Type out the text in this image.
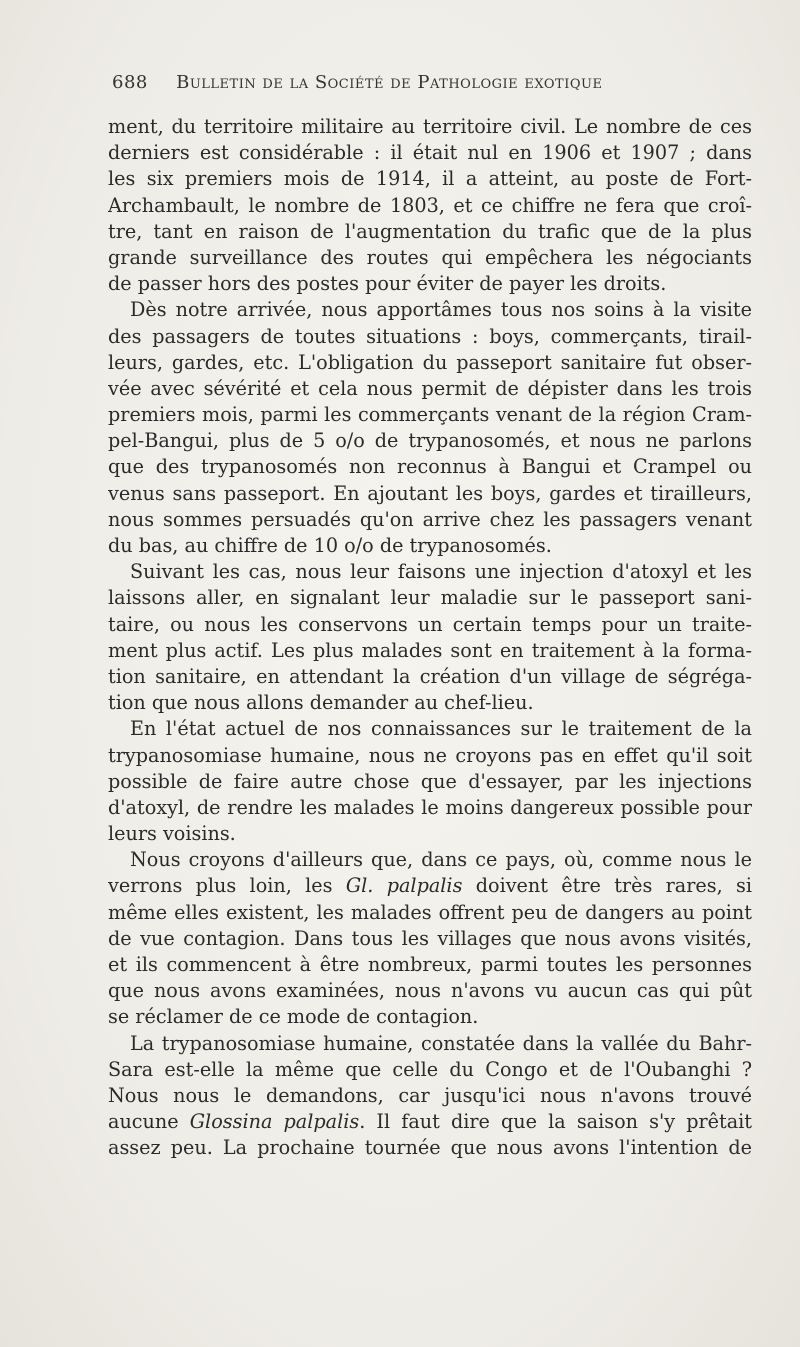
688 Bulletin de la Société de Pathologie exotique
ment, du territoire militaire au territoire civil. Le nombre de ces
derniers est considérable : il était nul en 1906 et 1907 ; dans
les six premiers mois de 1914, il a atteint, au poste de Fort-
Archambault, le nombre de 1803, et ce chiffre ne fera que croî-
tre, tant en raison de l'augmentation du trafic que de la plus
grande surveillance des routes qui empêchera les négociants
de passer hors des postes pour éviter de payer les droits.
Dès notre arrivée, nous apportâmes tous nos soins à la visite
des passagers de toutes situations : boys, commerçants, tirail-
leurs, gardes, etc. L'obligation du passeport sanitaire fut obser-
vée avec sévérité et cela nous permit de dépister dans les trois
premiers mois, parmi les commerçants venant de la région Cram-
pel-Bangui, plus de 5 o/o de trypanosomés, et nous ne parlons
que des trypanosomés non reconnus à Bangui et Crampel ou
venus sans passeport. En ajoutant les boys, gardes et tirailleurs,
nous sommes persuadés qu'on arrive chez les passagers venant
du bas, au chiffre de 10 o/o de trypanosomés.
Suivant les cas, nous leur faisons une injection d'atoxyl et les
laissons aller, en signalant leur maladie sur le passeport sani-
taire, ou nous les conservons un certain temps pour un traite-
ment plus actif. Les plus malades sont en traitement à la forma-
tion sanitaire, en attendant la création d'un village de ségréga-
tion que nous allons demander au chef-lieu.
En l'état actuel de nos connaissances sur le traitement de la
trypanosomiase humaine, nous ne croyons pas en effet qu'il soit
possible de faire autre chose que d'essayer, par les injections
d'atoxyl, de rendre les malades le moins dangereux possible pour
leurs voisins.
Nous croyons d'ailleurs que, dans ce pays, où, comme nous le
verrons plus loin, les Gl. palpalis doivent être très rares, si
même elles existent, les malades offrent peu de dangers au point
de vue contagion. Dans tous les villages que nous avons visités,
et ils commencent à être nombreux, parmi toutes les personnes
que nous avons examinées, nous n'avons vu aucun cas qui pût
se réclamer de ce mode de contagion.
La trypanosomiase humaine, constatée dans la vallée du Bahr-
Sara est-elle la même que celle du Congo et de l'Oubanghi ?
Nous nous le demandons, car jusqu'ici nous n'avons trouvé
aucune Glossina palpalis. Il faut dire que la saison s'y prêtait
assez peu. La prochaine tournée que nous avons l'intention de
